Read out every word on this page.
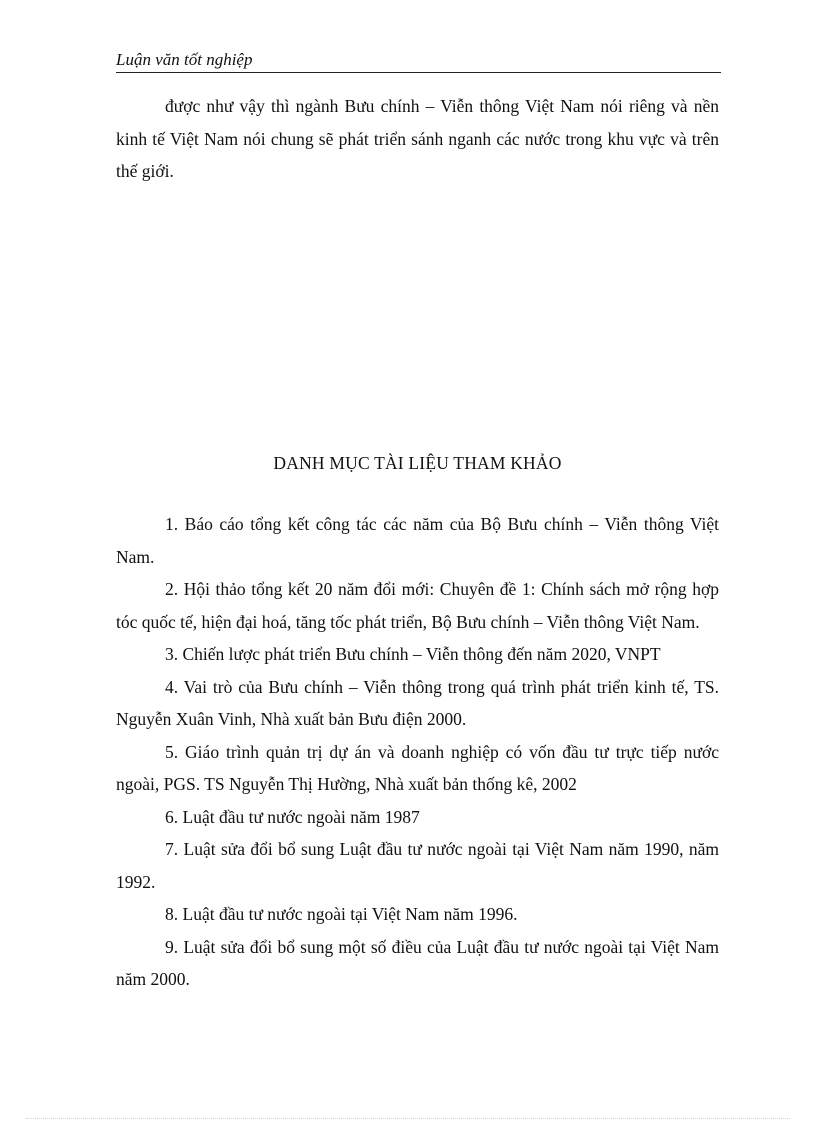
Luận văn tốt nghiệp

được như vậy thì ngành Bưu chính – Viễn thông Việt Nam nói riêng và nền kinh tế Việt Nam nói chung sẽ phát triển sánh nganh các nước trong khu vực và trên thế giới.

DANH MỤC TÀI LIỆU THAM KHẢO

1. Báo cáo tổng kết công tác các năm của Bộ Bưu chính – Viễn thông Việt Nam.

2. Hội thảo tổng kết 20 năm đổi mới: Chuyên đề 1: Chính sách mở rộng hợp tóc quốc tế, hiện đại hoá, tăng tốc phát triển, Bộ Bưu chính – Viễn thông Việt Nam.

3. Chiến lược phát triển Bưu chính – Viễn thông đến năm 2020, VNPT

4. Vai trò của Bưu chính – Viễn thông trong quá trình phát triển kinh tế, TS. Nguyễn Xuân Vinh, Nhà xuất bản Bưu điện 2000.

5. Giáo trình quản trị dự án và doanh nghiệp có vốn đầu tư trực tiếp nước ngoài, PGS. TS Nguyễn Thị Hường, Nhà xuất bản thống kê, 2002

6. Luật đầu tư nước ngoài năm 1987

7. Luật sửa đổi bổ sung Luật đầu tư nước ngoài tại Việt Nam năm 1990, năm 1992.

8. Luật đầu tư nước ngoài tại Việt Nam năm 1996.

9. Luật sửa đổi bổ sung một số điều của Luật đầu tư nước ngoài tại Việt Nam năm 2000.
